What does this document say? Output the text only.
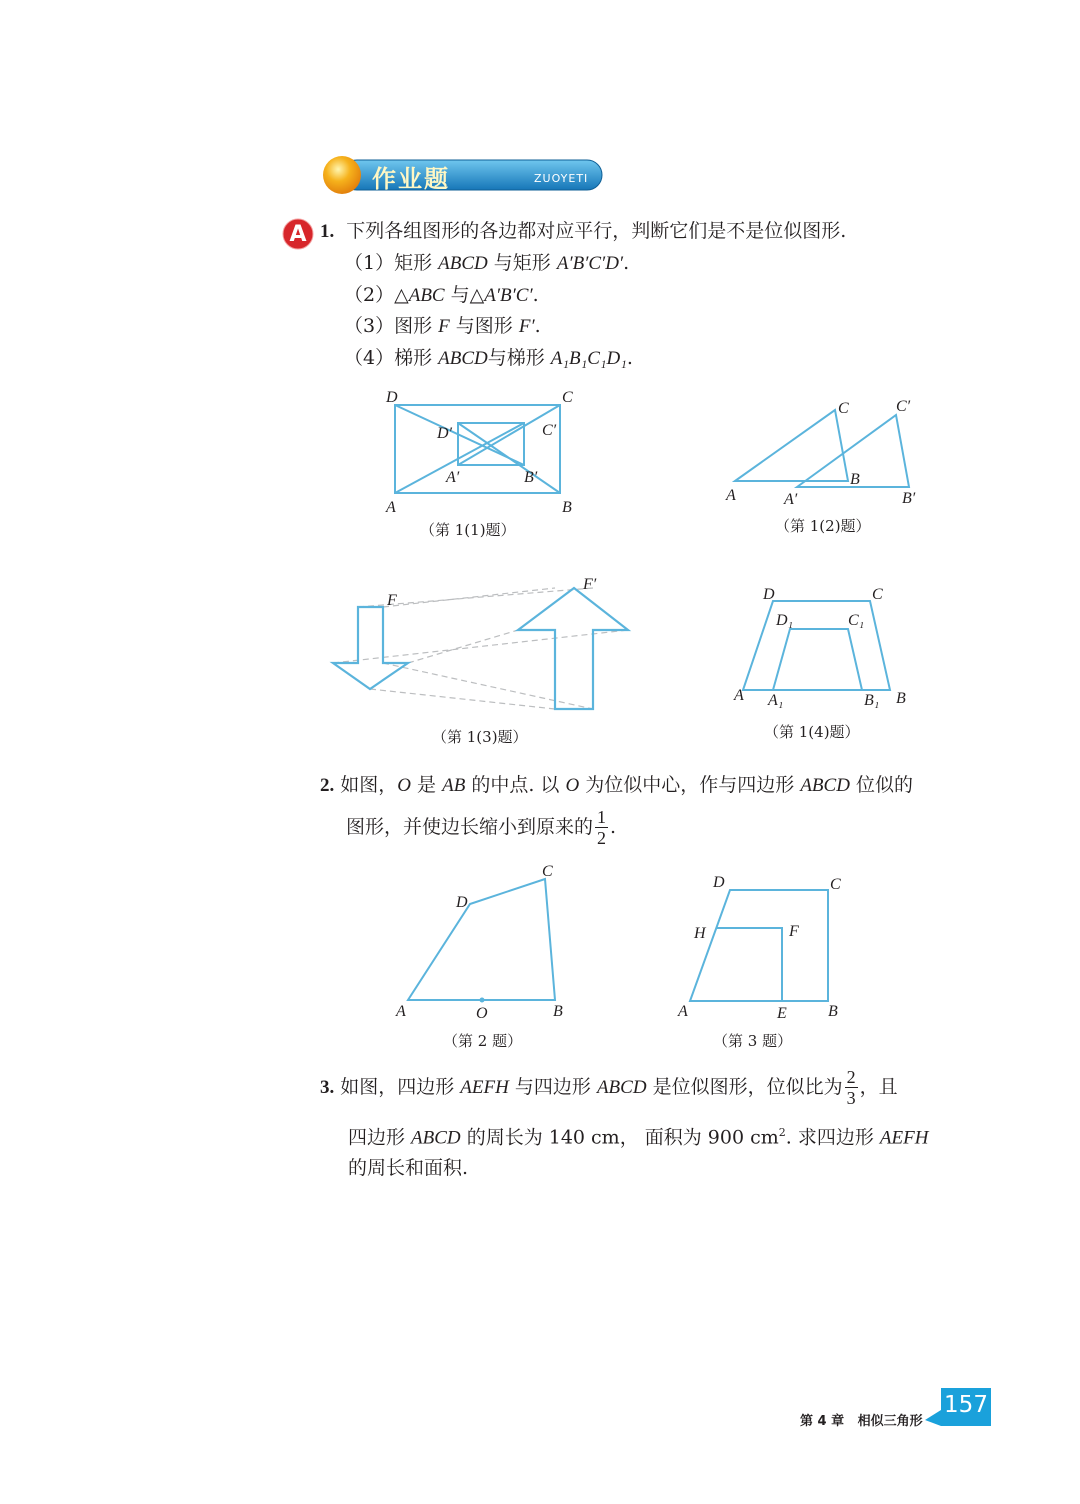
作业题	ZUOYETI
A 1. 下列各组图形的各边都对应平行，判断它们是不是位似图形.
（1）矩形 ABCD 与矩形 A′B′C′D′.
（2）△ABC 与△A′B′C′.
（3）图形 F 与图形 F′.
（4）梯形 ABCD与梯形 A₁B₁C₁D₁.
D	C
A	B
D′	C′
A′	B′
（第 1(1)题）
A
B
C
A′	B′
C′
（第 1(2)题）
F
F′
（第 1(3)题）
A	B
C
D
A₁	B₁
C₁
D₁
（第 1(4)题）
2. 如图，O 是 AB 的中点. 以 O 为位似中心，作与四边形 ABCD 位似的
图形，并使边长缩小到原来的 $\frac{1}{2}$ .
A	B
C
D
O
（第 2 题）
A	B
C
D
E
F
H
（第 3 题）
3. 如图，四边形 AEFH 与四边形 ABCD 是位似图形，位似比为 $\frac{2}{3}$ ，且
四边形 ABCD 的周长为 140 cm， 面积为 900 $cm^2$. 求四边形 AEFH
的周长和面积.
第 4 章   相似三角形
157
